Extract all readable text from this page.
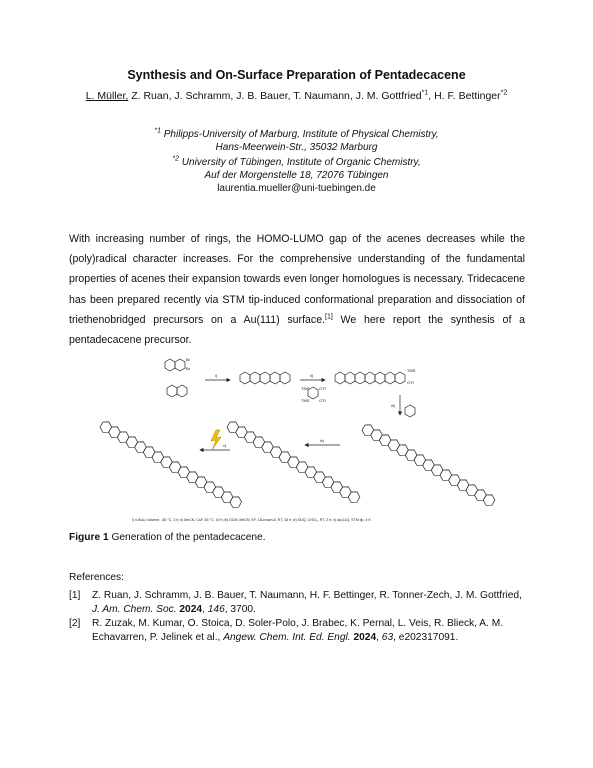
Synthesis and On-Surface Preparation of Pentadecacene
L. Müller, Z. Ruan, J. Schramm, J. B. Bauer, T. Naumann, J. M. Gottfried$^{*1}$, H. F. Bettinger$^{*2}$
$^{*1}$ Philipps-University of Marburg, Institute of Physical Chemistry,
Hans-Meerwein-Str., 35032 Marburg
$^{*2}$ University of Tübingen, Institute of Organic Chemistry,
Auf der Morgenstelle 18, 72076 Tübingen
laurentia.mueller@uni-tuebingen.de
With increasing number of rings, the HOMO-LUMO gap of the acenes decreases while the
(poly)radical character increases. For the comprehensive understanding of the fundamental
properties of acenes their expansion towards even longer homologues is necessary. Tridecacene
has been prepared recently via STM tip-induced conformational preparation and dissociation of
triethenobridged precursors on a Au(111) surface.[1] We here report the synthesis of a
pentadecacene precursor.
Br
Br
i)	ii)
TMS OTf
TMS OTf
TMS
OTf
iii)
iv)
v)
i) n-BuLi, toluene, -80 °C, 3 h; ii) MeCN, CsF, 45 °C, 19 h; iii) DCM, MeCN, KF, 18-crown-6, RT, 18 h; iv) DDQ, CHCl₃, RT, 2 h; v) Au(111), STM tip, 4 K
Figure 1 Generation of the pentadecacene.
References:
[1] Z. Ruan, J. Schramm, J. B. Bauer, T. Naumann, H. F. Bettinger, R. Tonner-Zech, J. M. Gottfried, J. Am. Chem. Soc. 2024, 146, 3700.
[2] R. Zuzak, M. Kumar, O. Stoica, D. Soler-Polo, J. Brabec, K. Pernal, L. Veis, R. Blieck, A. M. Echavarren, P. Jelinek et al., Angew. Chem. Int. Ed. Engl. 2024, 63, e202317091.
